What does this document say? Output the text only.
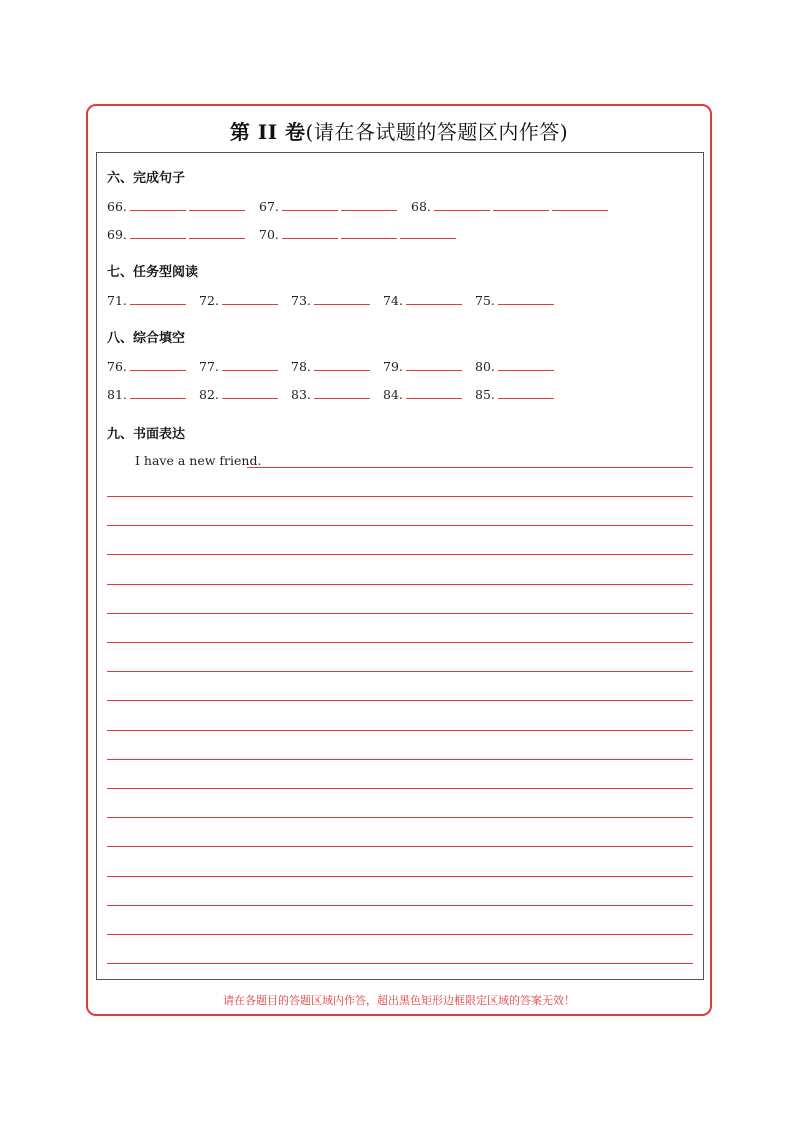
第 II 卷(请在各试题的答题区内作答)
六、完成句子
66.	67.	68.
69.	70.
七、任务型阅读
71.	72.	73.	74.	75.
八、综合填空
76.	77.	78.	79.	80.
81.	82.	83.	84.	85.
九、书面表达
I have a new friend.
请在各题目的答题区域内作答，超出黑色矩形边框限定区域的答案无效！
